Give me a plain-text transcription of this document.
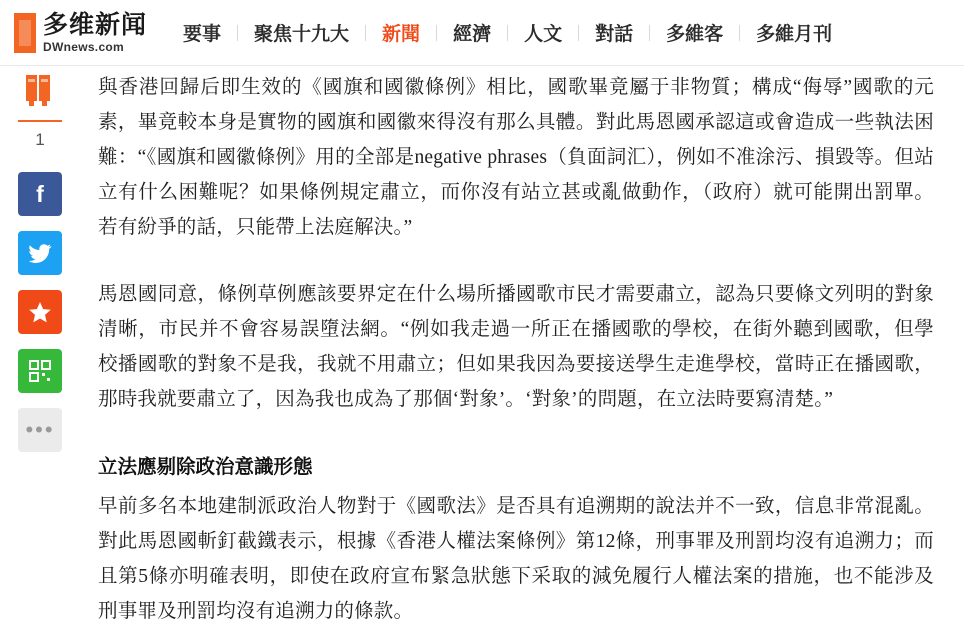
多维新闻
DWnews.com
要事	聚焦十九大	新聞	經濟	人文	對話	多維客	多維月刊
1
f
•••

與香港回歸后即生效的《國旗和國徽條例》相比，國歌畢竟屬于非物質；構成“侮辱”國歌的元素，畢竟較本身是實物的國旗和國徽來得沒有那么具體。對此馬恩國承認這或會造成一些執法困難：“《國旗和國徽條例》用的全部是negative phrases（負面詞汇），例如不准涂污、損毀等。但站立有什么困難呢？如果條例規定肅立，而你沒有站立甚或亂做動作，（政府）就可能開出罰單。若有紛爭的話，只能帶上法庭解決。”

馬恩國同意，條例草例應該要界定在什么場所播國歌市民才需要肅立，認為只要條文列明的對象清晰，市民并不會容易誤墮法網。“例如我走過一所正在播國歌的學校，在街外聽到國歌，但學校播國歌的對象不是我，我就不用肅立；但如果我因為要接送學生走進學校，當時正在播國歌，那時我就要肅立了，因為我也成為了那個‘對象’。‘對象’的問題，在立法時要寫清楚。”

立法應剔除政治意識形態

早前多名本地建制派政治人物對于《國歌法》是否具有追溯期的說法并不一致，信息非常混亂。對此馬恩國斬釘截鐵表示，根據《香港人權法案條例》第12條，刑事罪及刑罰均沒有追溯力；而且第5條亦明確表明，即使在政府宣布緊急狀態下采取的減免履行人權法案的措施，也不能涉及刑事罪及刑罰均沒有追溯力的條款。
